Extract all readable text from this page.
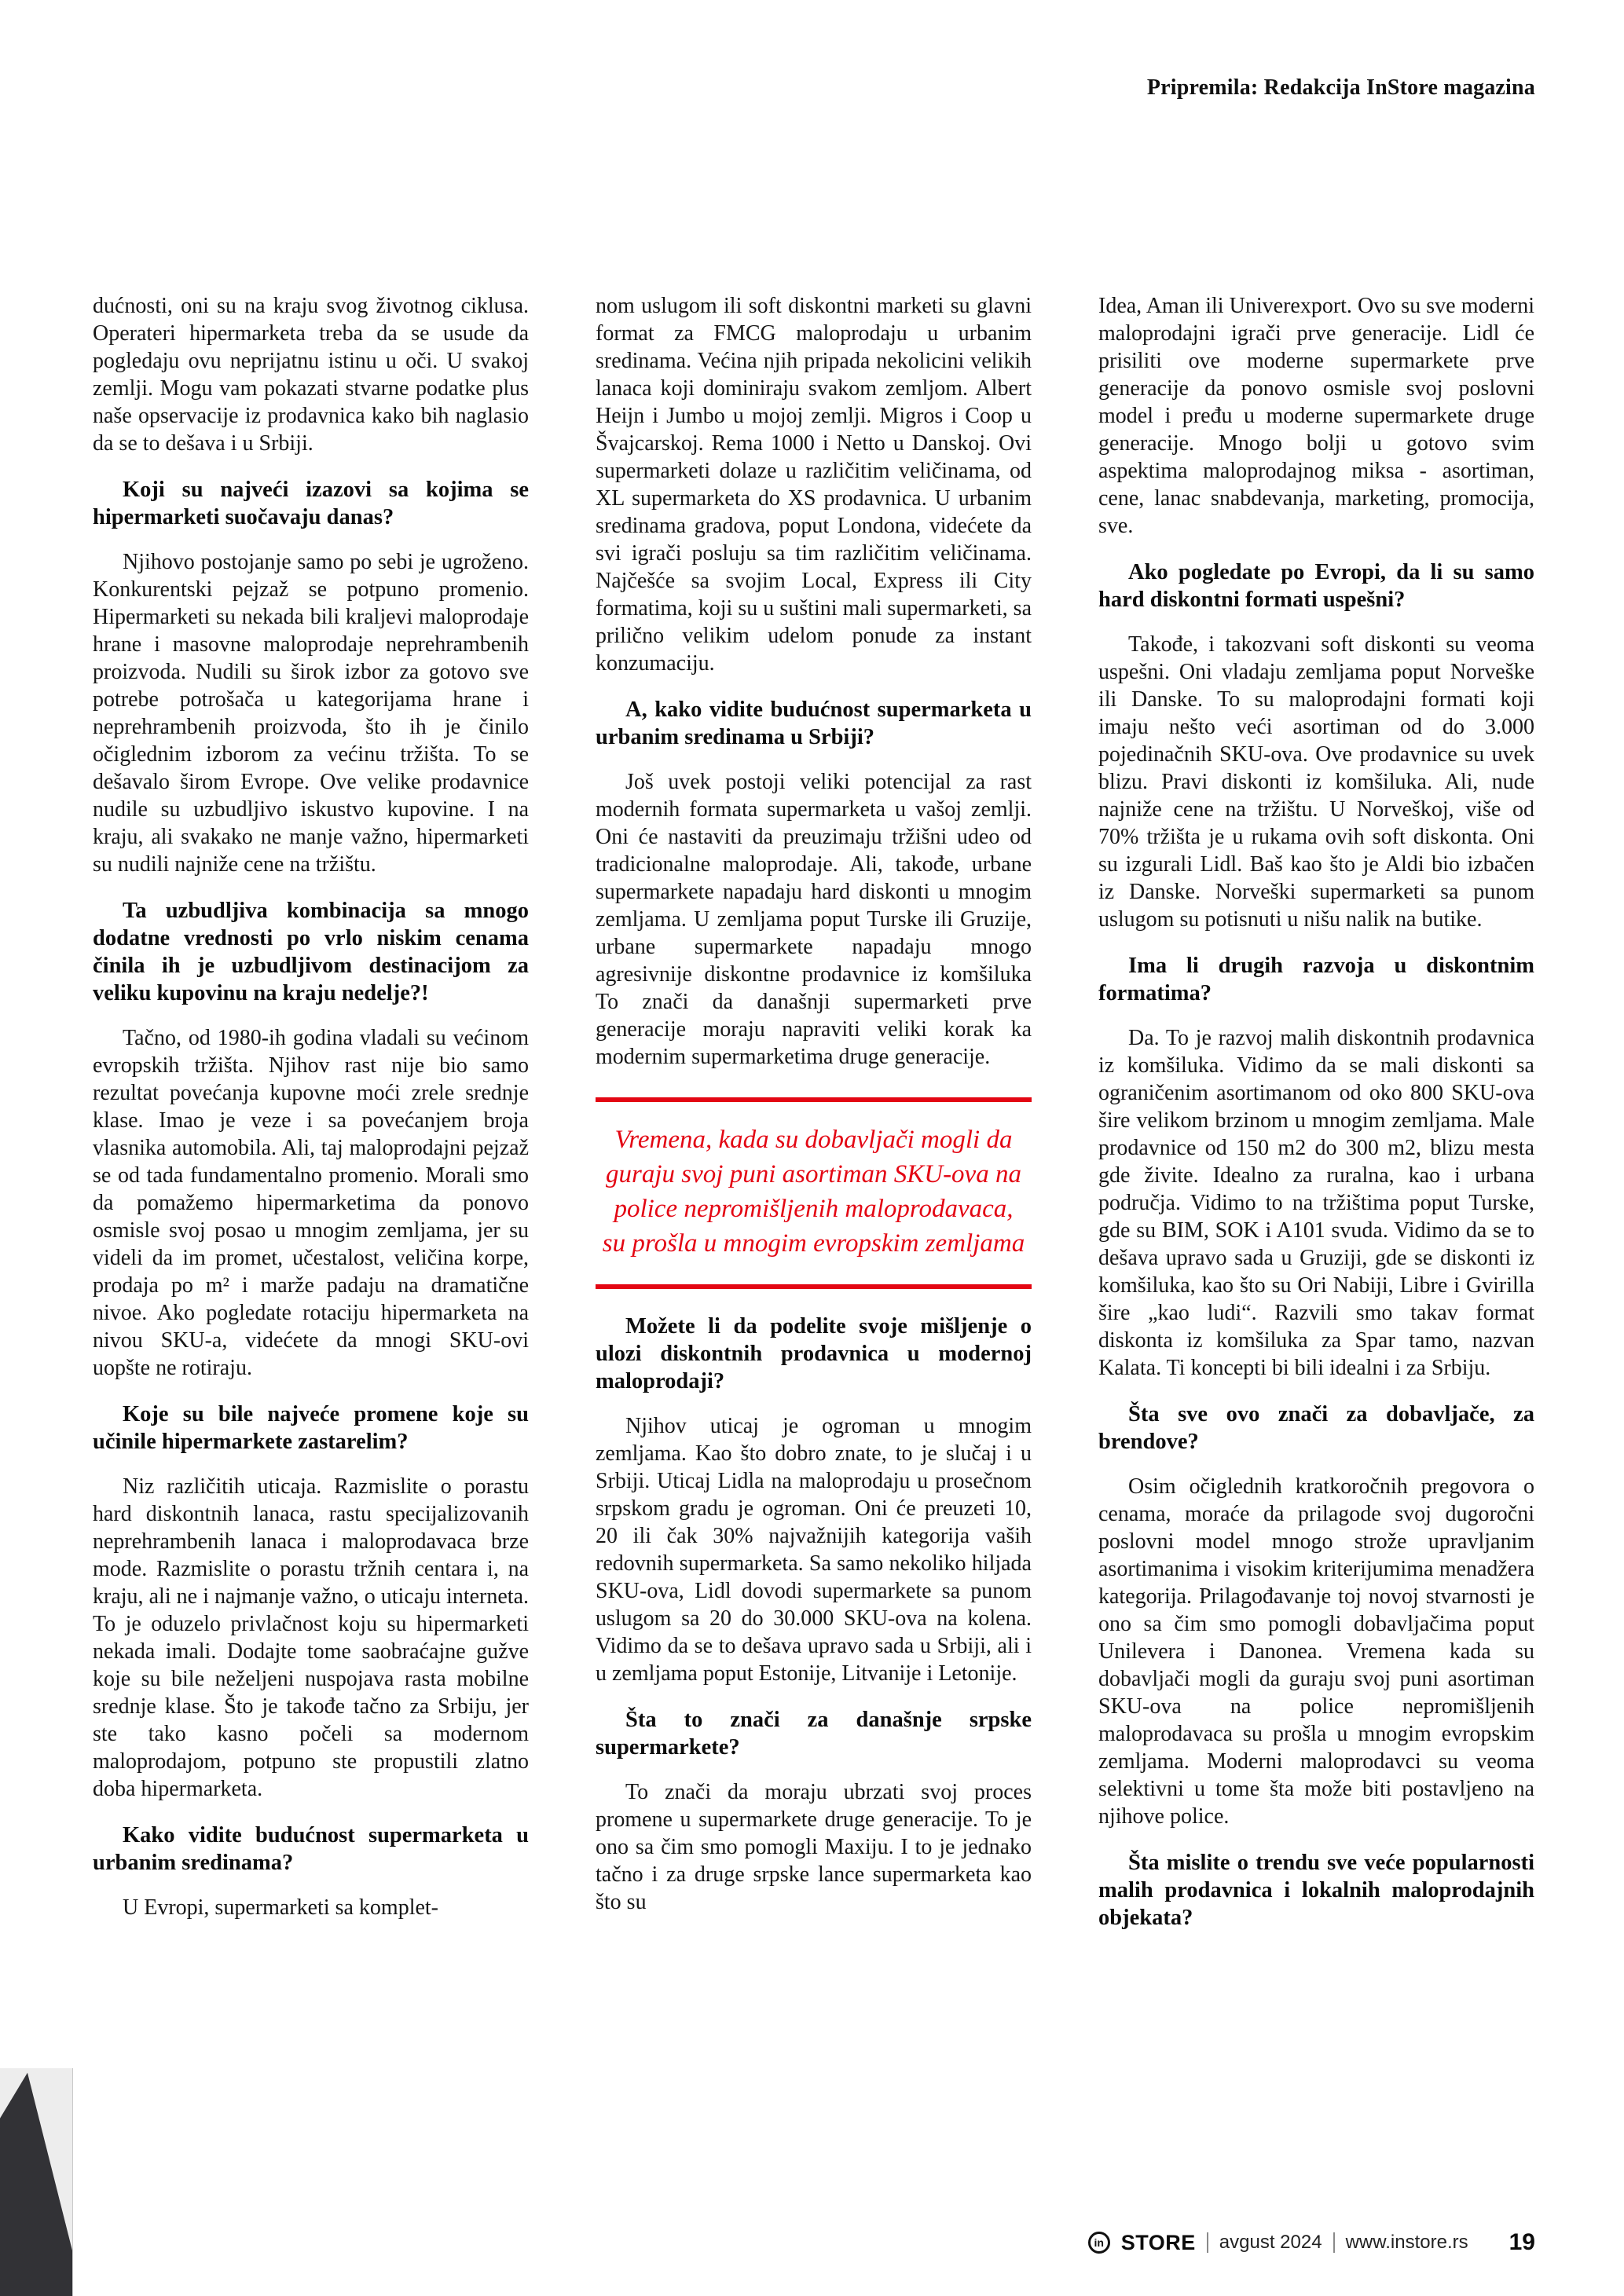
Pripremila: Redakcija InStore magazina

dućnosti, oni su na kraju svog životnog ciklusa. Operateri hipermarketa treba da se usude da pogledaju ovu neprijatnu istinu u oči. U svakoj zemlji. Mogu vam pokazati stvarne podatke plus naše opservacije iz prodavnica kako bih naglasio da se to dešava i u Srbiji.

Koji su najveći izazovi sa kojima se hipermarketi suočavaju danas?

Njihovo postojanje samo po sebi je ugroženo. Konkurentski pejzaž se potpuno promenio. Hipermarketi su nekada bili kraljevi maloprodaje hrane i masovne maloprodaje neprehrambenih proizvoda. Nudili su širok izbor za gotovo sve potrebe potrošača u kategorijama hrane i neprehrambenih proizvoda, što ih je činilo očiglednim izborom za većinu tržišta. To se dešavalo širom Evrope. Ove velike prodavnice nudile su uzbudljivo iskustvo kupovine. I na kraju, ali svakako ne manje važno, hipermarketi su nudili najniže cene na tržištu.

Ta uzbudljiva kombinacija sa mnogo dodatne vrednosti po vrlo niskim cenama činila ih je uzbudljivom destinacijom za veliku kupovinu na kraju nedelje?!

Tačno, od 1980-ih godina vladali su većinom evropskih tržišta. Njihov rast nije bio samo rezultat povećanja kupovne moći zrele srednje klase. Imao je veze i sa povećanjem broja vlasnika automobila. Ali, taj maloprodajni pejzaž se od tada fundamentalno promenio. Morali smo da pomažemo hipermarketima da ponovo osmisle svoj posao u mnogim zemljama, jer su videli da im promet, učestalost, veličina korpe, prodaja po m² i marže padaju na dramatične nivoe. Ako pogledate rotaciju hipermarketa na nivou SKU-a, videćete da mnogi SKU-ovi uopšte ne rotiraju.

Koje su bile najveće promene koje su učinile hipermarkete zastarelim?

Niz različitih uticaja. Razmislite o porastu hard diskontnih lanaca, rastu specijalizovanih neprehrambenih lanaca i maloprodavaca brze mode. Razmislite o porastu tržnih centara i, na kraju, ali ne i najmanje važno, o uticaju interneta. To je oduzelo privlačnost koju su hipermarketi nekada imali. Dodajte tome saobraćajne gužve koje su bile neželjeni nuspojava rasta mobilne srednje klase. Što je takođe tačno za Srbiju, jer ste tako kasno počeli sa modernom maloprodajom, potpuno ste propustili zlatno doba hipermarketa.

Kako vidite budućnost supermarketa u urbanim sredinama?

U Evropi, supermarketi sa komplet-

nom uslugom ili soft diskontni marketi su glavni format za FMCG maloprodaju u urbanim sredinama. Većina njih pripada nekolicini velikih lanaca koji dominiraju svakom zemljom. Albert Heijn i Jumbo u mojoj zemlji. Migros i Coop u Švajcarskoj. Rema 1000 i Netto u Danskoj. Ovi supermarketi dolaze u različitim veličinama, od XL supermarketa do XS prodavnica. U urbanim sredinama gradova, poput Londona, videćete da svi igrači posluju sa tim različitim veličinama. Najčešće sa svojim Local, Express ili City formatima, koji su u suštini mali supermarketi, sa prilično velikim udelom ponude za instant konzumaciju.

A, kako vidite budućnost supermarketa u urbanim sredinama u Srbiji?

Još uvek postoji veliki potencijal za rast modernih formata supermarketa u vašoj zemlji. Oni će nastaviti da preuzimaju tržišni udeo od tradicionalne maloprodaje. Ali, takođe, urbane supermarkete napadaju hard diskonti u mnogim zemljama. U zemljama poput Turske ili Gruzije, urbane supermarkete napadaju mnogo agresivnije diskontne prodavnice iz komšiluka To znači da današnji supermarketi prve generacije moraju napraviti veliki korak ka modernim supermarketima druge generacije.

Vremena, kada su dobavljači mogli da guraju svoj puni asortiman SKU-ova na police nepromišljenih maloprodavaca, su prošla u mnogim evropskim zemljama
Možete li da podelite svoje mišljenje o ulozi diskontnih prodavnica u modernoj maloprodaji?

Njihov uticaj je ogroman u mnogim zemljama. Kao što dobro znate, to je slučaj i u Srbiji. Uticaj Lidla na maloprodaju u prosečnom srpskom gradu je ogroman. Oni će preuzeti 10, 20 ili čak 30% najvažnijih kategorija vaših redovnih supermarketa. Sa samo nekoliko hiljada SKU-ova, Lidl dovodi supermarkete sa punom uslugom sa 20 do 30.000 SKU-ova na kolena. Vidimo da se to dešava upravo sada u Srbiji, ali i u zemljama poput Estonije, Litvanije i Letonije.

Šta to znači za današnje srpske supermarkete?

To znači da moraju ubrzati svoj proces promene u supermarkete druge generacije. To je ono sa čim smo pomogli Maxiju. I to je jednako tačno i za druge srpske lance supermarketa kao što su

Idea, Aman ili Univerexport. Ovo su sve moderni maloprodajni igrači prve generacije. Lidl će prisiliti ove moderne supermarkete prve generacije da ponovo osmisle svoj poslovni model i pređu u moderne supermarkete druge generacije. Mnogo bolji u gotovo svim aspektima maloprodajnog miksa - asortiman, cene, lanac snabdevanja, marketing, promocija, sve.

Ako pogledate po Evropi, da li su samo hard diskontni formati uspešni?

Takođe, i takozvani soft diskonti su veoma uspešni. Oni vladaju zemljama poput Norveške ili Danske. To su maloprodajni formati koji imaju nešto veći asortiman od do 3.000 pojedinačnih SKU-ova. Ove prodavnice su uvek blizu. Pravi diskonti iz komšiluka. Ali, nude najniže cene na tržištu. U Norveškoj, više od 70% tržišta je u rukama ovih soft diskonta. Oni su izgurali Lidl. Baš kao što je Aldi bio izbačen iz Danske. Norveški supermarketi sa punom uslugom su potisnuti u nišu nalik na butike.

Ima li drugih razvoja u diskontnim formatima?

Da. To je razvoj malih diskontnih prodavnica iz komšiluka. Vidimo da se mali diskonti sa ograničenim asortimanom od oko 800 SKU-ova šire velikom brzinom u mnogim zemljama. Male prodavnice od 150 m2 do 300 m2, blizu mesta gde živite. Idealno za ruralna, kao i urbana područja. Vidimo to na tržištima poput Turske, gde su BIM, SOK i A101 svuda. Vidimo da se to dešava upravo sada u Gruziji, gde se diskonti iz komšiluka, kao što su Ori Nabiji, Libre i Gvirilla šire „kao ludi“. Razvili smo takav format diskonta iz komšiluka za Spar tamo, nazvan Kalata. Ti koncepti bi bili idealni i za Srbiju.

Šta sve ovo znači za dobavljače, za brendove?

Osim očiglednih kratkoročnih pregovora o cenama, moraće da prilagode svoj dugoročni poslovni model mnogo strože upravljanim asortimanima i visokim kriterijumima menadžera kategorija. Prilagođavanje toj novoj stvarnosti je ono sa čim smo pomogli dobavljačima poput Unilevera i Danonea. Vremena kada su dobavljači mogli da guraju svoj puni asortiman SKU-ova na police nepromišljenih maloprodavaca su prošla u mnogim evropskim zemljama. Moderni maloprodavci su veoma selektivni u tome šta može biti postavljeno na njihove police.

Šta mislite o trendu sve veće popularnosti malih prodavnica i lokalnih maloprodajnih objekata?
in STORE avgust 2024 www.instore.rs 19
